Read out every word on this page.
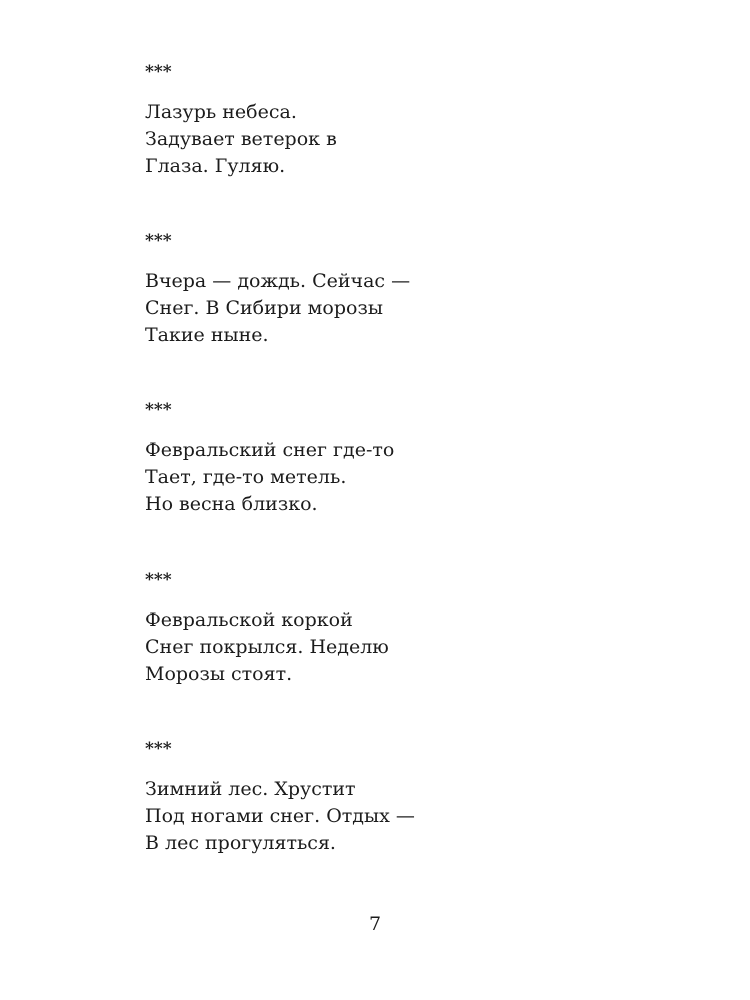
***
Лазурь небеса.
Задувает ветерок в
Глаза. Гуляю.
***
Вчера — дождь. Сейчас —
Снег. В Сибири морозы
Такие ныне.
***
Февральский снег где-то
Тает, где-то метель.
Но весна близко.
***
Февральской коркой
Снег покрылся. Неделю
Морозы стоят.
***
Зимний лес. Хрустит
Под ногами снег. Отдых —
В лес прогуляться.
7
